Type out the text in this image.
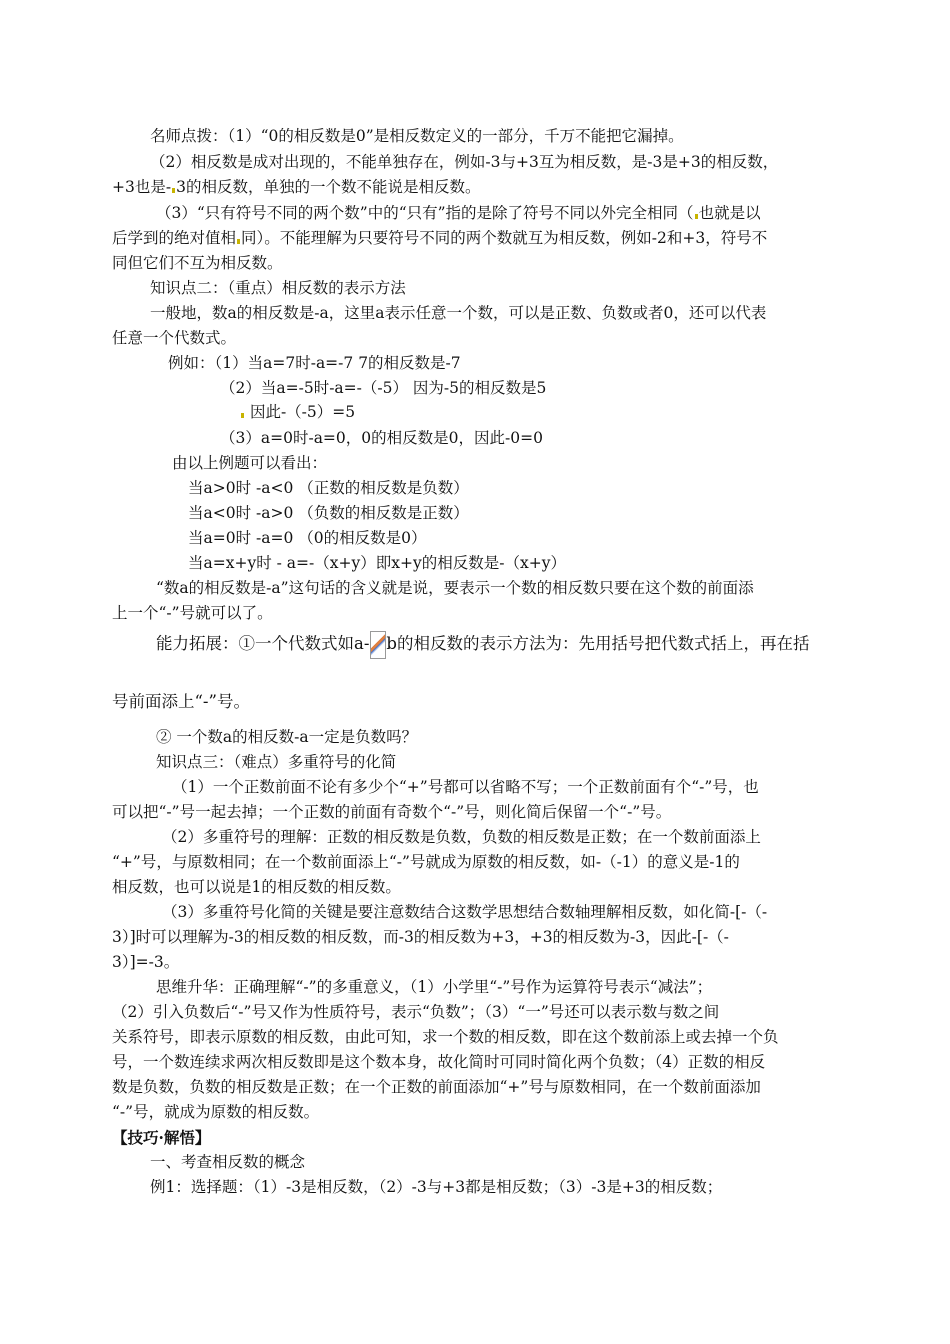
名师点拨：（1）“0的相反数是0”是相反数定义的一部分，千万不能把它漏掉。
（2）相反数是成对出现的，不能单独存在，例如-3与+3互为相反数，是-3是+3的相反数，
+3也是- 3的相反数，单独的一个数不能说是相反数。
（3）“只有符号不同的两个数”中的“只有”指的是除了符号不同以外完全相同（ 也就是以
后学到的绝对值相 同）。不能理解为只要符号不同的两个数就互为相反数，例如-2和+3，符号不
同但它们不互为相反数。
知识点二：（重点）相反数的表示方法
一般地，数a的相反数是-a，这里a表示任意一个数，可以是正数、负数或者0，还可以代表
任意一个代数式。
例如：（1）当a=7时-a=-7 7的相反数是-7
（2）当a=-5时-a=-（-5） 因为-5的相反数是5
因此-（-5）=5
（3）a=0时-a=0，0的相反数是0，因此-0=0
由以上例题可以看出：
当a>0时 -a<0 （正数的相反数是负数）
当a<0时 -a>0 （负数的相反数是正数）
当a=0时 -a=0 （0的相反数是0）
当a=x+y时 - a=-（x+y）即x+y的相反数是-（x+y）
“数a的相反数是-a”这句话的含义就是说，要表示一个数的相反数只要在这个数的前面添
上一个“-”号就可以了。
能力拓展：①一个代数式如a- b的相反数的表示方法为：先用括号把代数式括上，再在括
号前面添上“-”号。
② 一个数a的相反数-a一定是负数吗？
知识点三：（难点）多重符号的化简
（1）一个正数前面不论有多少个“+”号都可以省略不写；一个正数前面有个“-”号，也
可以把“-”号一起去掉；一个正数的前面有奇数个“-”号，则化简后保留一个“-”号。
（2）多重符号的理解：正数的相反数是负数，负数的相反数是正数；在一个数前面添上
“+”号，与原数相同；在一个数前面添上“-”号就成为原数的相反数，如-（-1）的意义是-1的
相反数，也可以说是1的相反数的相反数。
（3）多重符号化简的关键是要注意数结合这数学思想结合数轴理解相反数，如化简-[-（-
3）]时可以理解为-3的相反数的相反数，而-3的相反数为+3，+3的相反数为-3，因此-[-（-
3）]=-3。
思维升华：正确理解“-”的多重意义，（1）小学里“-”号作为运算符号表示“减法”；
（2）引入负数后“-”号又作为性质符号，表示“负数”；（3）“一”号还可以表示数与数之间
关系符号，即表示原数的相反数，由此可知，求一个数的相反数，即在这个数前添上或去掉一个负
号，一个数连续求两次相反数即是这个数本身，故化简时可同时简化两个负数；（4）正数的相反
数是负数，负数的相反数是正数；在一个正数的前面添加“+”号与原数相同，在一个数前面添加
“-”号，就成为原数的相反数。
【技巧·解悟】
一、考查相反数的概念
例1：选择题：（1）-3是相反数，（2）-3与+3都是相反数；（3）-3是+3的相反数；
